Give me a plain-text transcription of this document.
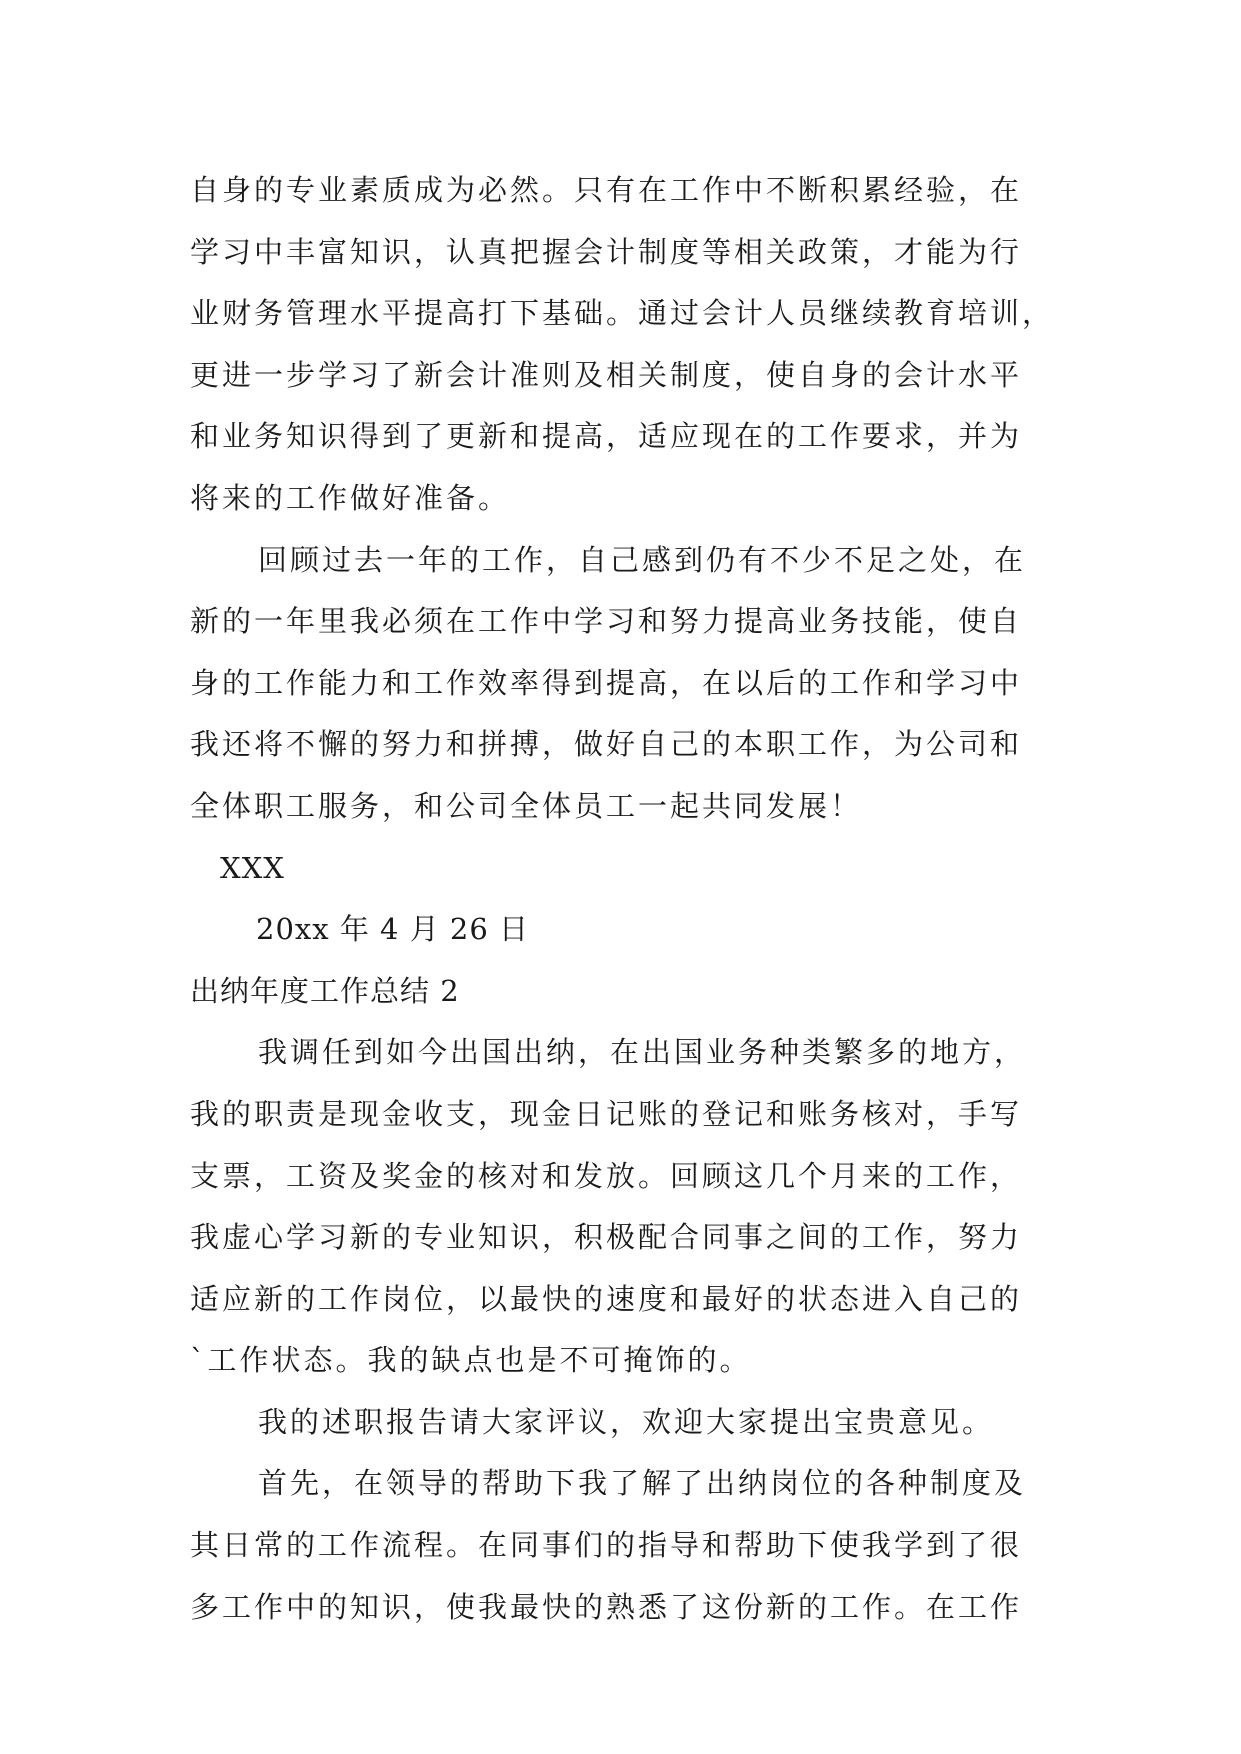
自身的专业素质成为必然。只有在工作中不断积累经验，在
学习中丰富知识，认真把握会计制度等相关政策，才能为行
业财务管理水平提高打下基础。通过会计人员继续教育培训，
更进一步学习了新会计准则及相关制度，使自身的会计水平
和业务知识得到了更新和提高，适应现在的工作要求，并为
将来的工作做好准备。
回顾过去一年的工作，自己感到仍有不少不足之处，在
新的一年里我必须在工作中学习和努力提高业务技能，使自
身的工作能力和工作效率得到提高，在以后的工作和学习中
我还将不懈的努力和拼搏，做好自己的本职工作，为公司和
全体职工服务，和公司全体员工一起共同发展！
XXX
20xx 年 4 月 26 日
出纳年度工作总结 2
我调任到如今出国出纳，在出国业务种类繁多的地方，
我的职责是现金收支，现金日记账的登记和账务核对，手写
支票，工资及奖金的核对和发放。回顾这几个月来的工作，
我虚心学习新的专业知识，积极配合同事之间的工作，努力
适应新的工作岗位，以最快的速度和最好的状态进入自己的
`工作状态。我的缺点也是不可掩饰的。
我的述职报告请大家评议，欢迎大家提出宝贵意见。
首先，在领导的帮助下我了解了出纳岗位的各种制度及
其日常的工作流程。在同事们的指导和帮助下使我学到了很
多工作中的知识，使我最快的熟悉了这份新的工作。在工作
